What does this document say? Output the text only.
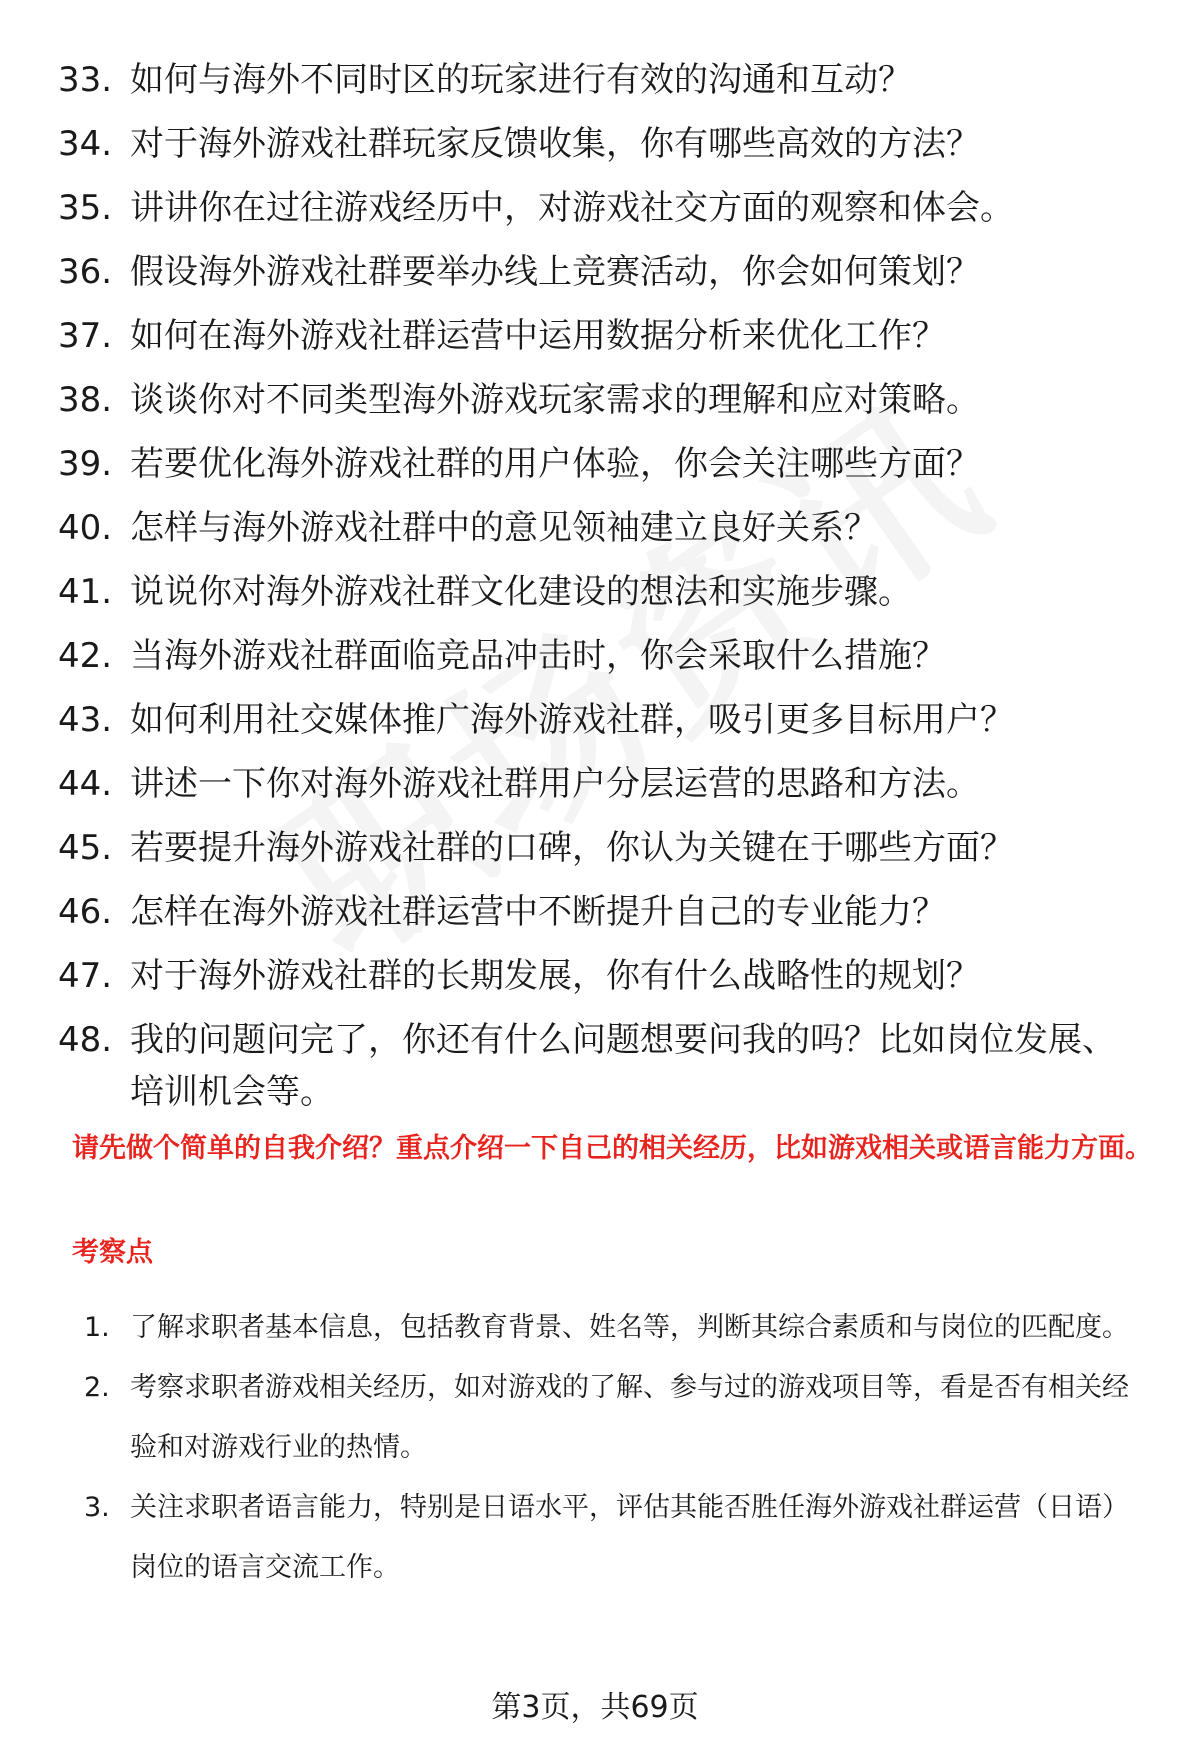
33. 如何与海外不同时区的玩家进行有效的沟通和互动？
34. 对于海外游戏社群玩家反馈收集，你有哪些高效的方法？
35. 讲讲你在过往游戏经历中，对游戏社交方面的观察和体会。
36. 假设海外游戏社群要举办线上竞赛活动，你会如何策划？
37. 如何在海外游戏社群运营中运用数据分析来优化工作？
38. 谈谈你对不同类型海外游戏玩家需求的理解和应对策略。
39. 若要优化海外游戏社群的用户体验，你会关注哪些方面？
40. 怎样与海外游戏社群中的意见领袖建立良好关系？
41. 说说你对海外游戏社群文化建设的想法和实施步骤。
42. 当海外游戏社群面临竞品冲击时，你会采取什么措施？
43. 如何利用社交媒体推广海外游戏社群，吸引更多目标用户？
44. 讲述一下你对海外游戏社群用户分层运营的思路和方法。
45. 若要提升海外游戏社群的口碑，你认为关键在于哪些方面？
46. 怎样在海外游戏社群运营中不断提升自己的专业能力？
47. 对于海外游戏社群的长期发展，你有什么战略性的规划？
48. 我的问题问完了，你还有什么问题想要问我的吗？比如岗位发展、培训机会等。
请先做个简单的自我介绍？重点介绍一下自己的相关经历，比如游戏相关或语言能力方面。
考察点
1. 了解求职者基本信息，包括教育背景、姓名等，判断其综合素质和与岗位的匹配度。
2. 考察求职者游戏相关经历，如对游戏的了解、参与过的游戏项目等，看是否有相关经验和对游戏行业的热情。
3. 关注求职者语言能力，特别是日语水平，评估其能否胜任海外游戏社群运营（日语）岗位的语言交流工作。
第3页，共69页
